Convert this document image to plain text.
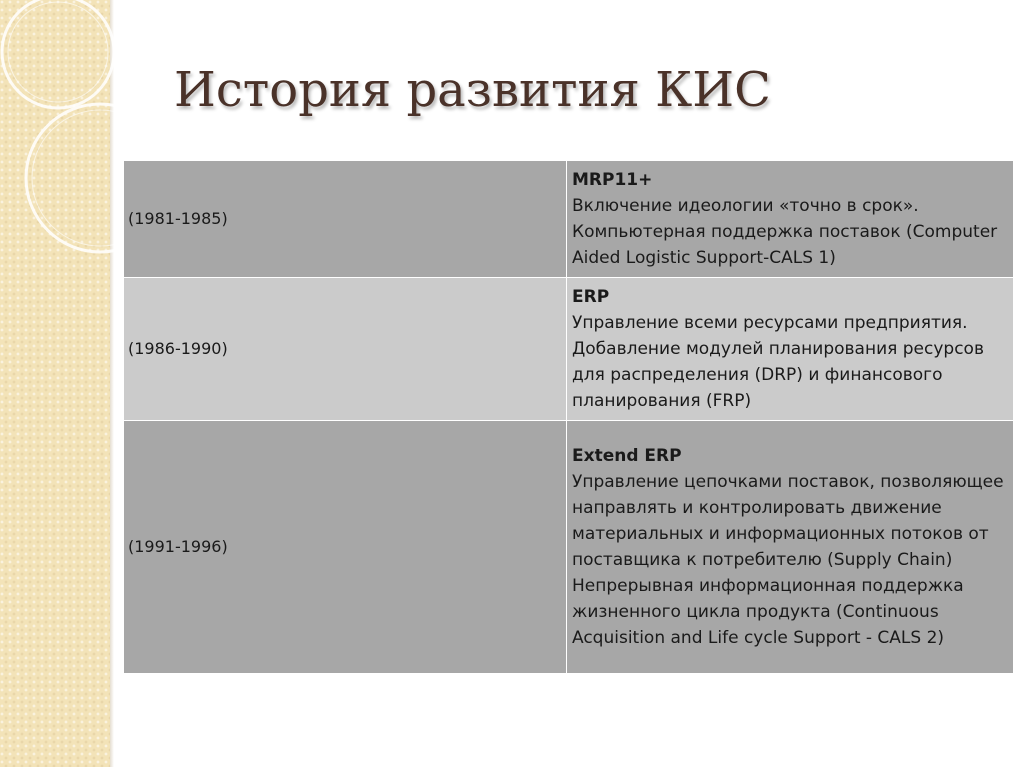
История развития КИС
(1981-1985)	MRP11+
Включение идеологии «точно в срок». Компьютерная поддержка поставок (Computer Aided Logistic Support-CALS 1)

(1986-1990)	ERP
Управление всеми ресурсами предприятия. Добавление модулей планирования ресурсов для распределения (DRP) и финансового планирования (FRP)

(1991-1996)	Extend ERP
Управление цепочками поставок, позволяющее направлять и контролировать движение материальных и информационных потоков от поставщика к потребителю (Supply Chain) Непрерывная информационная поддержка жизненного цикла продукта (Continuous Acquisition and Life cycle Support - CALS 2)
